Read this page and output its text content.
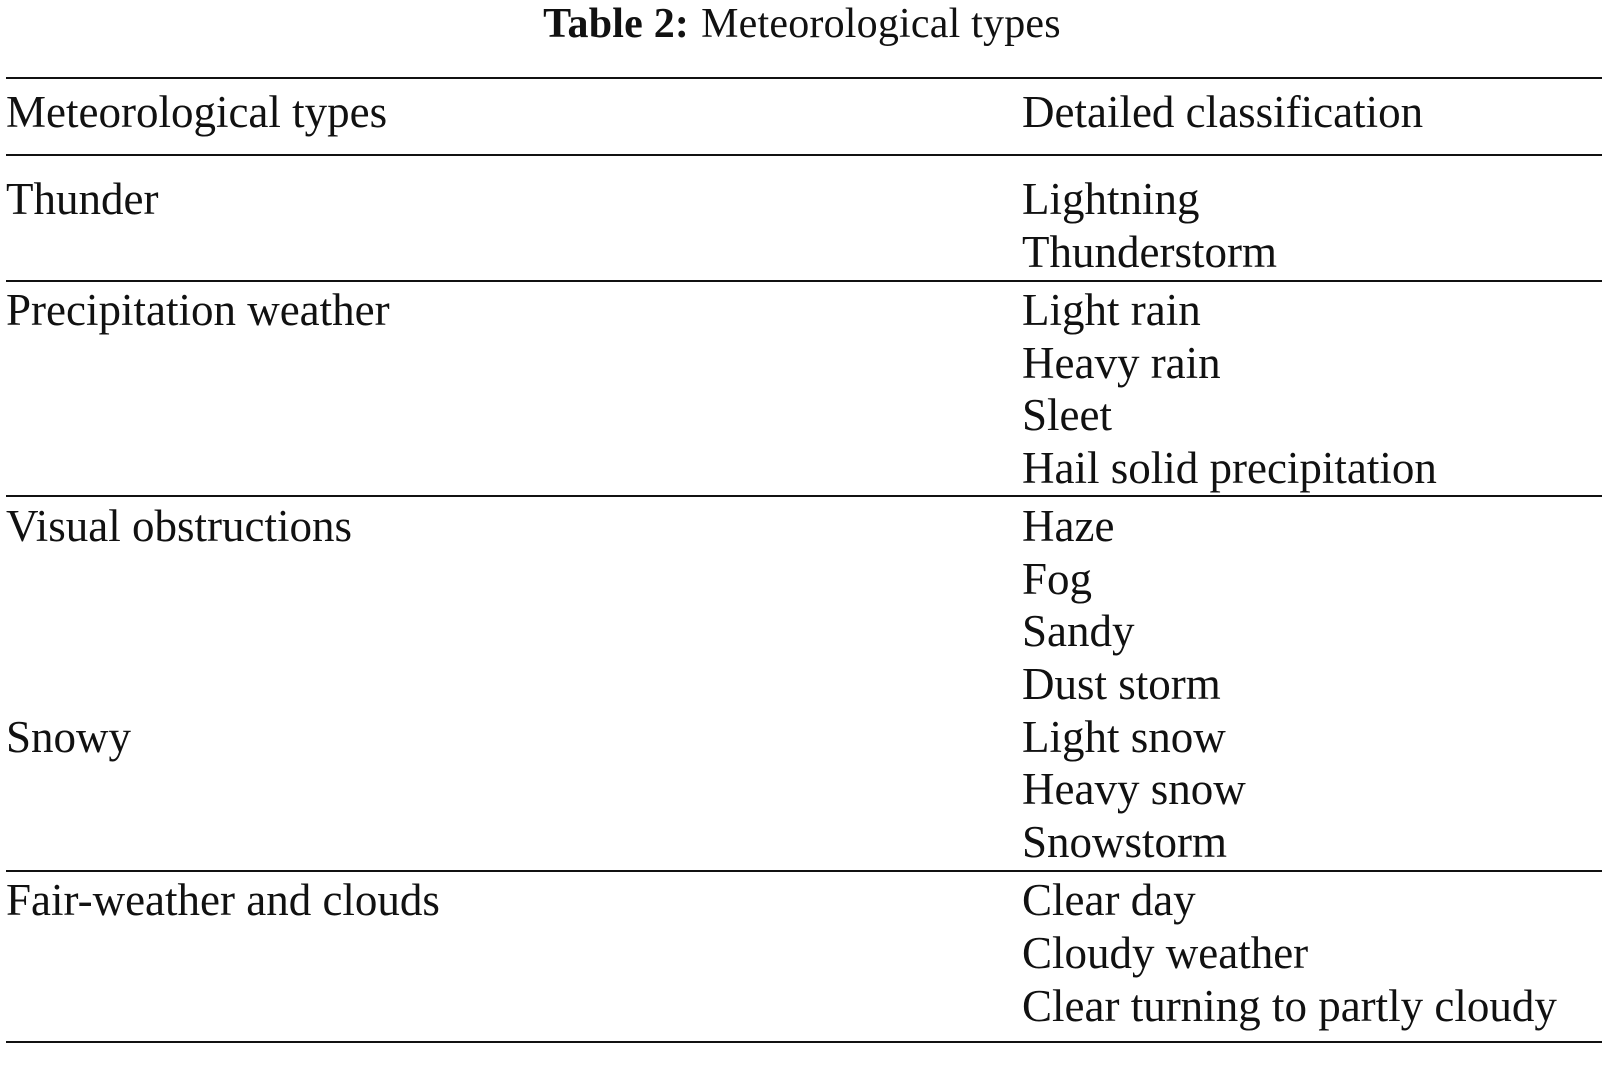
Table 2: Meteorological types
Meteorological types	Detailed classification
Thunder	Lightning
Thunderstorm
Precipitation weather	Light rain
Heavy rain
Sleet
Hail solid precipitation
Visual obstructions	Haze
Fog
Sandy
Dust storm
Snowy	Light snow
Heavy snow
Snowstorm
Fair-weather and clouds	Clear day
Cloudy weather
Clear turning to partly cloudy
